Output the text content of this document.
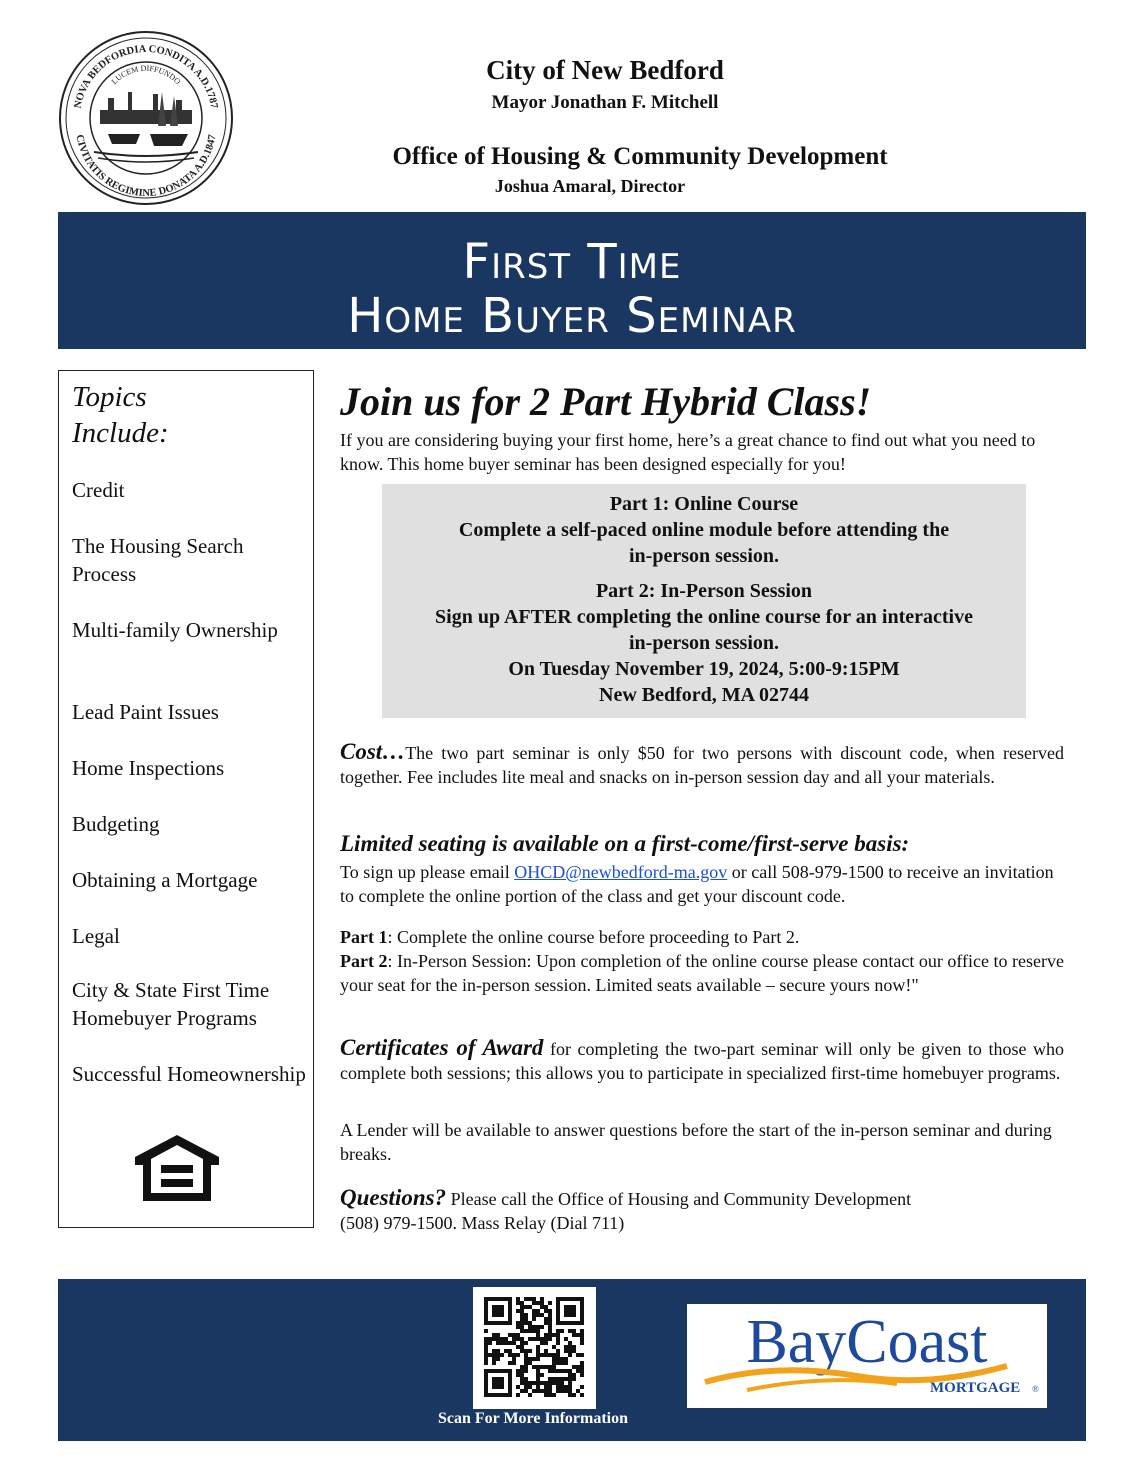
NOVA BEDFORDIA CONDITA A.D.1787
CIVITATIS REGIMINE DONATA A.D.1847
LUCEM DIFFUNDO	City of New Bedford
Mayor Jonathan F. Mitchell
Office of Housing & Community Development
Joshua Amaral, Director
First Time
Home Buyer Seminar
Topics
Include:
Credit
The Housing Search Process
Multi-family Ownership
Lead Paint Issues
Home Inspections
Budgeting
Obtaining a Mortgage
Legal
City & State First Time Homebuyer Programs
Successful Homeownership
Join us for 2 Part Hybrid Class!
If you are considering buying your first home, here’s a great chance to find out what you need to know. This home buyer seminar has been designed especially for you!
Part 1: Online Course
Complete a self-paced online module before attending the
in-person session.
Part 2: In-Person Session
Sign up AFTER completing the online course for an interactive
in-person session.
On Tuesday November 19, 2024, 5:00-9:15PM
New Bedford, MA 02744
Cost…The two part seminar is only $50 for two persons with discount code, when reserved together. Fee includes lite meal and snacks on in-person session day and all your materials.
Limited seating is available on a first-come/first-serve basis:
To sign up please email OHCD@newbedford-ma.gov or call 508-979-1500 to receive an invitation to complete the online portion of the class and get your discount code.
Part 1: Complete the online course before proceeding to Part 2.
Part 2: In-Person Session: Upon completion of the online course please contact our office to reserve your seat for the in-person session. Limited seats available – secure yours now!"
Certificates of Award for completing the two-part seminar will only be given to those who complete both sessions; this allows you to participate in specialized first-time homebuyer programs.
A Lender will be available to answer questions before the start of the in-person seminar and during breaks.
Questions? Please call the Office of Housing and Community Development
(508) 979-1500. Mass Relay (Dial 711)
Scan For More Information
BayCoast
MORTGAGE ®
